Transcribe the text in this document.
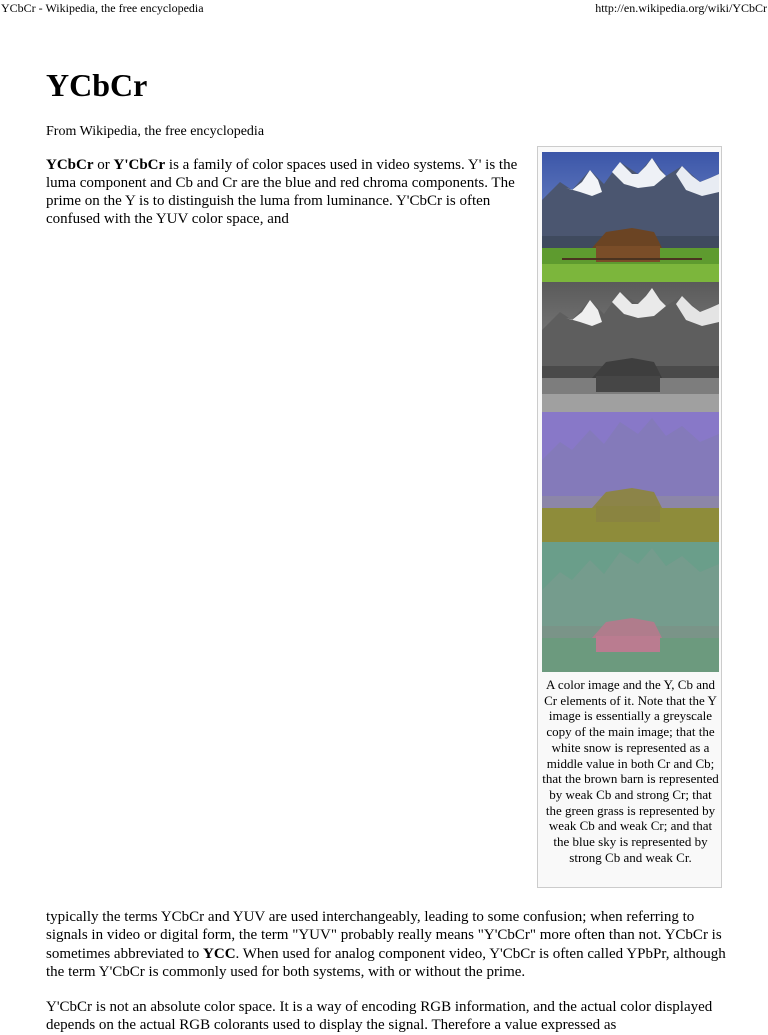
YCbCr - Wikipedia, the free encyclopedia	http://en.wikipedia.org/wiki/YCbCr
YCbCr
From Wikipedia, the free encyclopedia

YCbCr or Y'CbCr is a family of color spaces used in video systems. Y' is the luma component and Cb and Cr are the blue and red chroma components. The prime on the Y is to distinguish the luma from luminance. Y'CbCr is often confused with the YUV color space, and

A color image and the Y, Cb and Cr elements of it. Note that the Y image is essentially a greyscale copy of the main image; that the white snow is represented as a middle value in both Cr and Cb; that the brown barn is represented by weak Cb and strong Cr; that the green grass is represented by weak Cb and weak Cr; and that the blue sky is represented by strong Cb and weak Cr.

typically the terms YCbCr and YUV are used interchangeably, leading to some confusion; when referring to signals in video or digital form, the term "YUV" probably really means "Y'CbCr" more often than not. YCbCr is sometimes abbreviated to YCC. When used for analog component video, Y'CbCr is often called YPbPr, although the term Y'CbCr is commonly used for both systems, with or without the prime.

Y'CbCr is not an absolute color space. It is a way of encoding RGB information, and the actual color displayed depends on the actual RGB colorants used to display the signal. Therefore a value expressed as
